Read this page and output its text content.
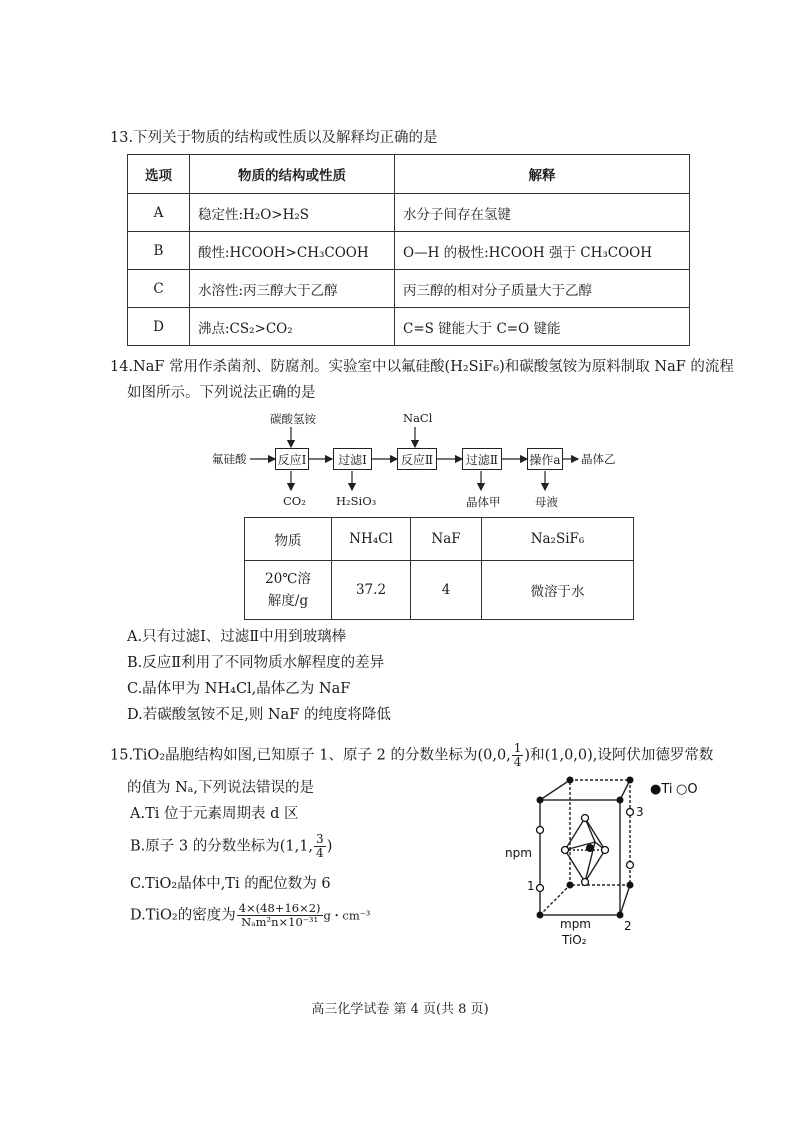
13.下列关于物质的结构或性质以及解释均正确的是
选项	物质的结构或性质	解释
A	稳定性:H₂O>H₂S	水分子间存在氢键
B	酸性:HCOOH>CH₃COOH	O—H 的极性:HCOOH 强于 CH₃COOH
C	水溶性:丙三醇大于乙醇	丙三醇的相对分子质量大于乙醇
D	沸点:CS₂>CO₂	C=S 键能大于 C=O 键能
14.NaF 常用作杀菌剂、防腐剂。实验室中以氟硅酸(H₂SiF₆)和碳酸氢铵为原料制取 NaF 的流程
如图所示。下列说法正确的是
氟硅酸	反应Ⅰ	过滤Ⅰ	反应Ⅱ	过滤Ⅱ	操作a 晶体乙
碳酸氢铵	NaCl
CO₂	H₂SiO₃	晶体甲	母液
物质	NH₄Cl	NaF	Na₂SiF₆

20℃溶
解度/g	37.2	4	微溶于水
A.只有过滤Ⅰ、过滤Ⅱ中用到玻璃棒
B.反应Ⅱ利用了不同物质水解程度的差异
C.晶体甲为 NH₄Cl,晶体乙为 NaF
D.若碳酸氢铵不足,则 NaF 的纯度将降低
15.TiO₂晶胞结构如图,已知原子 1、原子 2 的分数坐标为(0,0, $\frac{1}{4}$ )和(1,0,0),设阿伏加德罗常数
的值为 Nₐ,下列说法错误的是
A.Ti 位于元素周期表 d 区
B.原子 3 的分数坐标为(1,1, $\frac{3}{4}$ )
C.TiO₂晶体中,Ti 的配位数为 6
D.TiO₂的密度为 $\frac{4\times(48+16\times 2)}{\text{Nₐm²n×10⁻³¹}}$ g・cm⁻³
●Ti ○O
npm
mpm
1
2
3
TiO₂
高三化学试卷 第 4 页(共 8 页)
